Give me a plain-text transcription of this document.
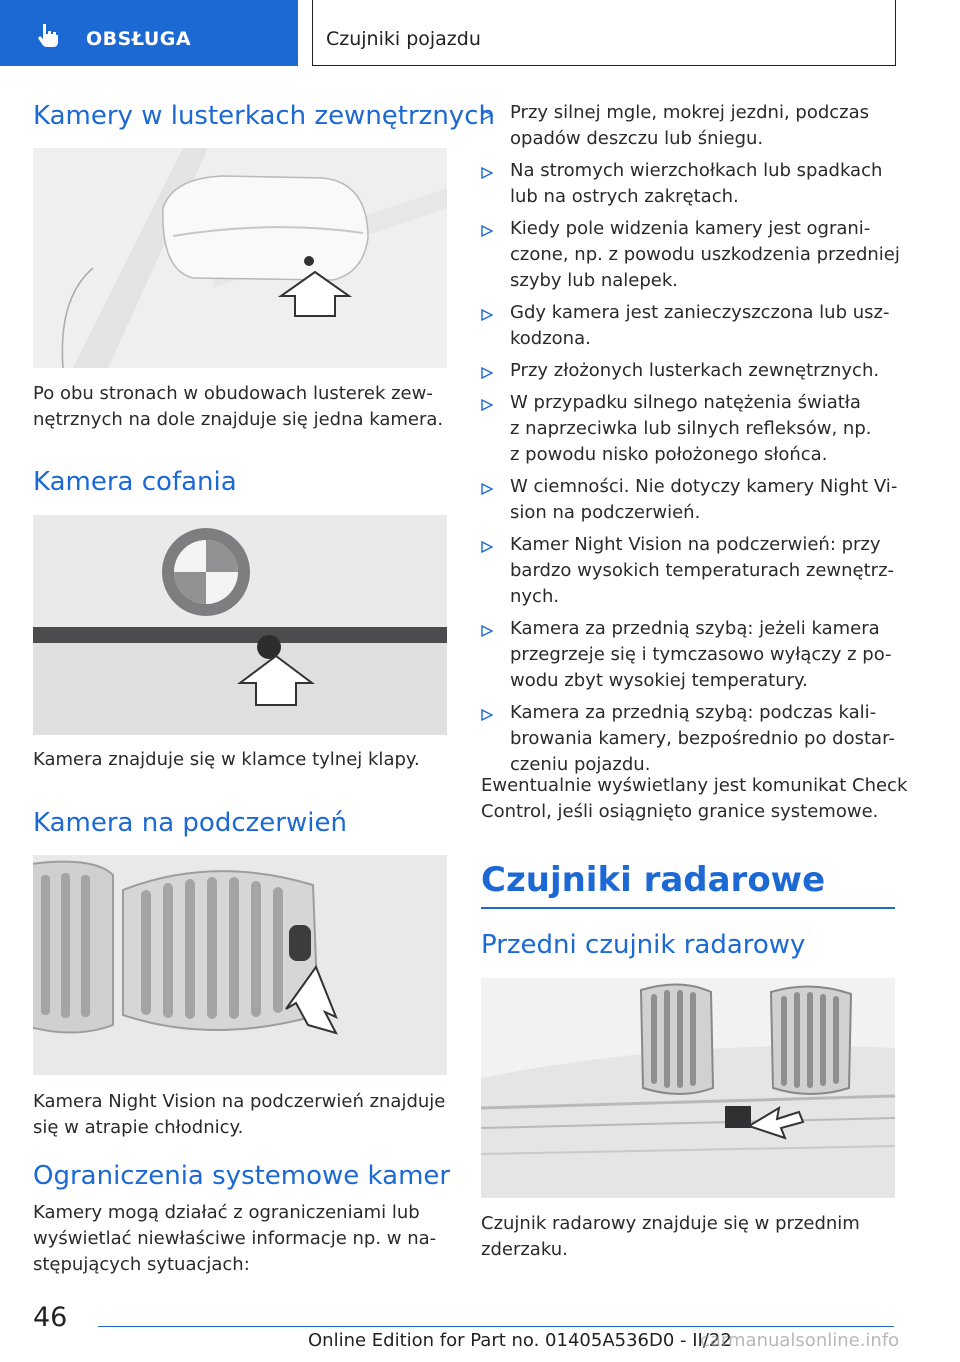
OBSŁUGA	Czujniki pojazdu
Kamery w lusterkach zewnętrznych

Po obu stronach w obudowach lusterek zew-
nętrznych na dole znajduje się jedna kamera.

Kamera cofania

Kamera znajduje się w klamce tylnej klapy.

Kamera na podczerwień

Kamera Night Vision na podczerwień znajduje
się w atrapie chłodnicy.

Ograniczenia systemowe kamer

Kamery mogą działać z ograniczeniami lub
wyświetlać niewłaściwe informacje np. w na-
stępujących sytuacjach:

Przy silnej mgle, mokrej jezdni, podczas
opadów deszczu lub śniegu.
Na stromych wierzchołkach lub spadkach
lub na ostrych zakrętach.
Kiedy pole widzenia kamery jest ograni-
czone, np. z powodu uszkodzenia przedniej
szyby lub nalepek.
Gdy kamera jest zanieczyszczona lub usz-
kodzona.
Przy złożonych lusterkach zewnętrznych.
W przypadku silnego natężenia światła
z naprzeciwka lub silnych refleksów, np.
z powodu nisko położonego słońca.
W ciemności. Nie dotyczy kamery Night Vi-
sion na podczerwień.
Kamer Night Vision na podczerwień: przy
bardzo wysokich temperaturach zewnętrz-
nych.
Kamera za przednią szybą: jeżeli kamera
przegrzeje się i tymczasowo wyłączy z po-
wodu zbyt wysokiej temperatury.
Kamera za przednią szybą: podczas kali-
browania kamery, bezpośrednio po dostar-
czeniu pojazdu.

Ewentualnie wyświetlany jest komunikat Check
Control, jeśli osiągnięto granice systemowe.

Czujniki radarowe
Przedni czujnik radarowy

Czujnik radarowy znajduje się w przednim
zderzaku.

46
Online Edition for Part no. 01405A536D0 - II/22
carmanualsonline.info
